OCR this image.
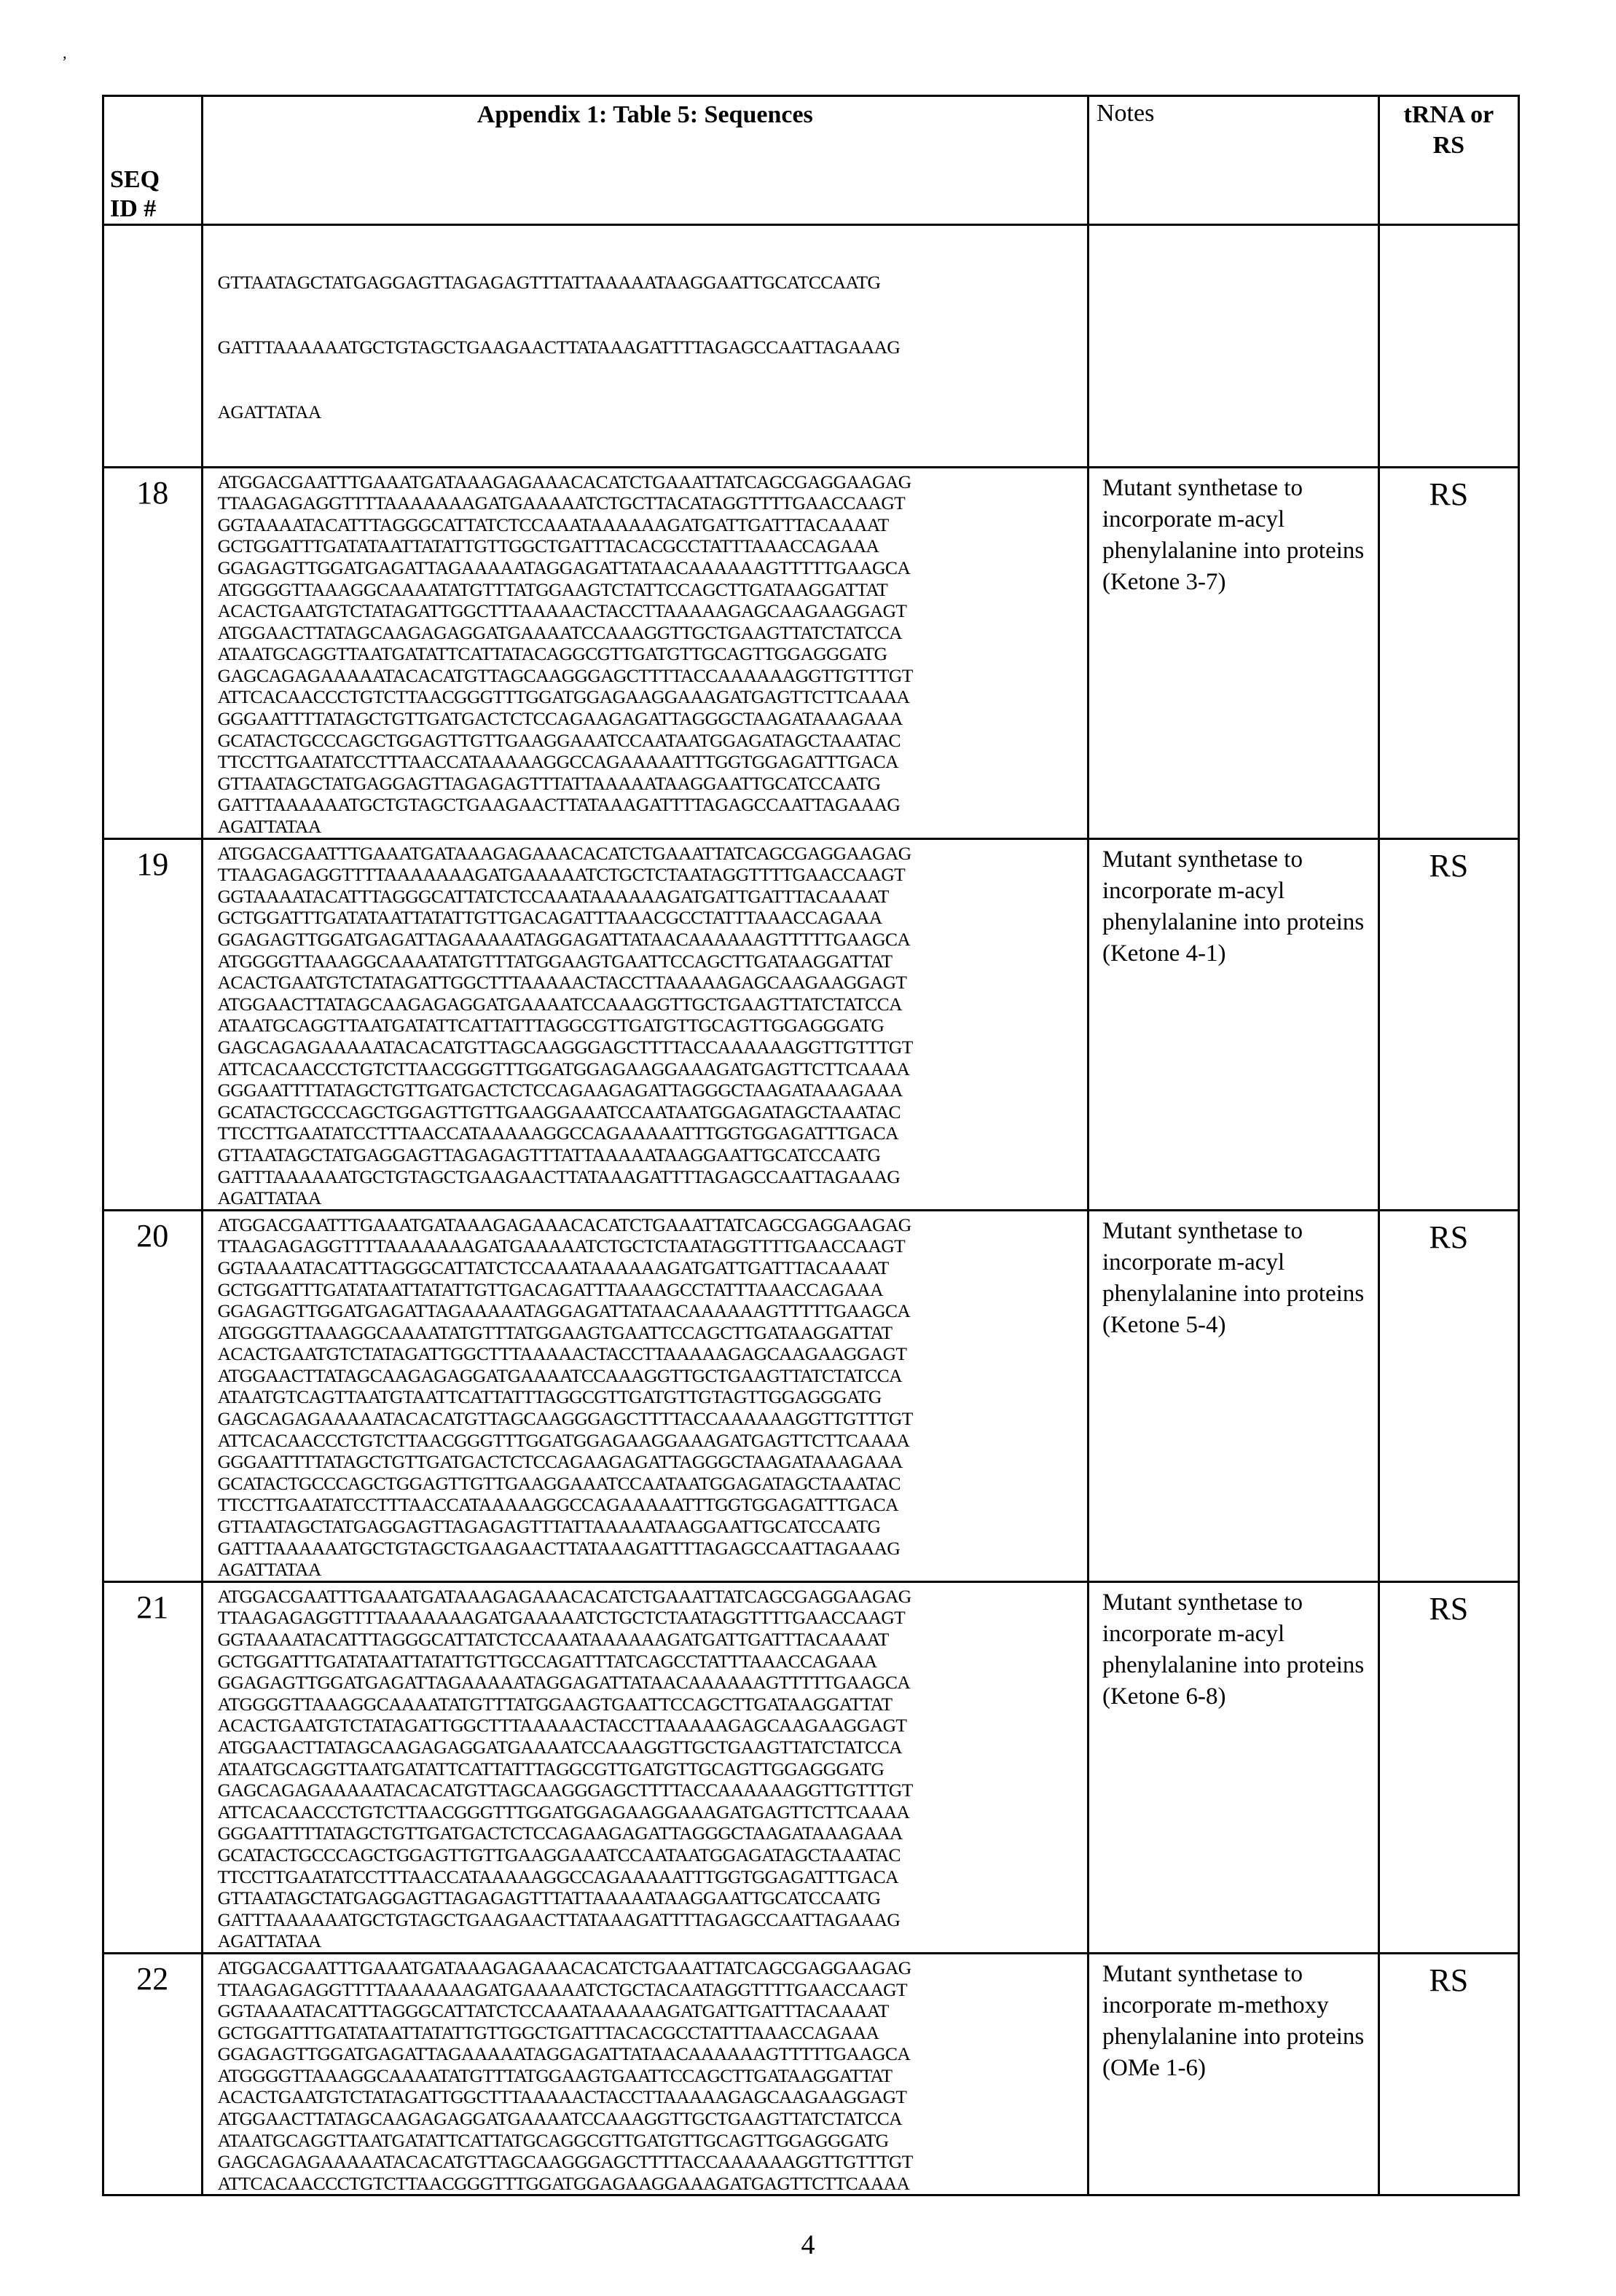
,
SEQ
ID #	Appendix 1: Table 5: Sequences	Notes	tRNA or
RS

	GTTAATAGCTATGAGGAGTTAGAGAGTTTATTAAAAATAAGGAATTGCATCCAATG

GATTTAAAAAATGCTGTAGCTGAAGAACTTATAAAGATTTTAGAGCCAATTAGAAAG

AGATTATAA		

18	ATGGACGAATTTGAAATGATAAAGAGAAACACATCTGAAATTATCAGCGAGGAAGAG
TTAAGAGAGGTTTTAAAAAAAGATGAAAAATCTGCTTACATAGGTTTTGAACCAAGT
GGTAAAATACATTTAGGGCATTATCTCCAAATAAAAAAGATGATTGATTTACAAAAT
GCTGGATTTGATATAATTATATTGTTGGCTGATTTACACGCCTATTTAAACCAGAAA
GGAGAGTTGGATGAGATTAGAAAAATAGGAGATTATAACAAAAAAGTTTTTGAAGCA
ATGGGGTTAAAGGCAAAATATGTTTATGGAAGTCTATTCCAGCTTGATAAGGATTAT
ACACTGAATGTCTATAGATTGGCTTTAAAAACTACCTTAAAAAGAGCAAGAAGGAGT
ATGGAACTTATAGCAAGAGAGGATGAAAATCCAAAGGTTGCTGAAGTTATCTATCCA
ATAATGCAGGTTAATGATATTCATTATACAGGCGTTGATGTTGCAGTTGGAGGGATG
GAGCAGAGAAAAATACACATGTTAGCAAGGGAGCTTTTACCAAAAAAGGTTGTTTGT
ATTCACAACCCTGTCTTAACGGGTTTGGATGGAGAAGGAAAGATGAGTTCTTCAAAA
GGGAATTTTATAGCTGTTGATGACTCTCCAGAAGAGATTAGGGCTAAGATAAAGAAA
GCATACTGCCCAGCTGGAGTTGTTGAAGGAAATCCAATAATGGAGATAGCTAAATAC
TTCCTTGAATATCCTTTAACCATAAAAAGGCCAGAAAAATTTGGTGGAGATTTGACA
GTTAATAGCTATGAGGAGTTAGAGAGTTTATTAAAAATAAGGAATTGCATCCAATG
GATTTAAAAAATGCTGTAGCTGAAGAACTTATAAAGATTTTAGAGCCAATTAGAAAG
AGATTATAA
	Mutant synthetase to incorporate m-acyl phenylalanine into proteins (Ketone 3-7)	RS
19	ATGGACGAATTTGAAATGATAAAGAGAAACACATCTGAAATTATCAGCGAGGAAGAG
TTAAGAGAGGTTTTAAAAAAAGATGAAAAATCTGCTCTAATAGGTTTTGAACCAAGT
GGTAAAATACATTTAGGGCATTATCTCCAAATAAAAAAGATGATTGATTTACAAAAT
GCTGGATTTGATATAATTATATTGTTGACAGATTTAAACGCCTATTTAAACCAGAAA
GGAGAGTTGGATGAGATTAGAAAAATAGGAGATTATAACAAAAAAGTTTTTGAAGCA
ATGGGGTTAAAGGCAAAATATGTTTATGGAAGTGAATTCCAGCTTGATAAGGATTAT
ACACTGAATGTCTATAGATTGGCTTTAAAAACTACCTTAAAAAGAGCAAGAAGGAGT
ATGGAACTTATAGCAAGAGAGGATGAAAATCCAAAGGTTGCTGAAGTTATCTATCCA
ATAATGCAGGTTAATGATATTCATTATTTAGGCGTTGATGTTGCAGTTGGAGGGATG
GAGCAGAGAAAAATACACATGTTAGCAAGGGAGCTTTTACCAAAAAAGGTTGTTTGT
ATTCACAACCCTGTCTTAACGGGTTTGGATGGAGAAGGAAAGATGAGTTCTTCAAAA
GGGAATTTTATAGCTGTTGATGACTCTCCAGAAGAGATTAGGGCTAAGATAAAGAAA
GCATACTGCCCAGCTGGAGTTGTTGAAGGAAATCCAATAATGGAGATAGCTAAATAC
TTCCTTGAATATCCTTTAACCATAAAAAGGCCAGAAAAATTTGGTGGAGATTTGACA
GTTAATAGCTATGAGGAGTTAGAGAGTTTATTAAAAATAAGGAATTGCATCCAATG
GATTTAAAAAATGCTGTAGCTGAAGAACTTATAAAGATTTTAGAGCCAATTAGAAAG
AGATTATAA
	Mutant synthetase to incorporate m-acyl phenylalanine into proteins (Ketone 4-1)	RS
20	ATGGACGAATTTGAAATGATAAAGAGAAACACATCTGAAATTATCAGCGAGGAAGAG
TTAAGAGAGGTTTTAAAAAAAGATGAAAAATCTGCTCTAATAGGTTTTGAACCAAGT
GGTAAAATACATTTAGGGCATTATCTCCAAATAAAAAAGATGATTGATTTACAAAAT
GCTGGATTTGATATAATTATATTGTTGACAGATTTAAAAGCCTATTTAAACCAGAAA
GGAGAGTTGGATGAGATTAGAAAAATAGGAGATTATAACAAAAAAGTTTTTGAAGCA
ATGGGGTTAAAGGCAAAATATGTTTATGGAAGTGAATTCCAGCTTGATAAGGATTAT
ACACTGAATGTCTATAGATTGGCTTTAAAAACTACCTTAAAAAGAGCAAGAAGGAGT
ATGGAACTTATAGCAAGAGAGGATGAAAATCCAAAGGTTGCTGAAGTTATCTATCCA
ATAATGTCAGTTAATGTAATTCATTATTTAGGCGTTGATGTTGTAGTTGGAGGGATG
GAGCAGAGAAAAATACACATGTTAGCAAGGGAGCTTTTACCAAAAAAGGTTGTTTGT
ATTCACAACCCTGTCTTAACGGGTTTGGATGGAGAAGGAAAGATGAGTTCTTCAAAA
GGGAATTTTATAGCTGTTGATGACTCTCCAGAAGAGATTAGGGCTAAGATAAAGAAA
GCATACTGCCCAGCTGGAGTTGTTGAAGGAAATCCAATAATGGAGATAGCTAAATAC
TTCCTTGAATATCCTTTAACCATAAAAAGGCCAGAAAAATTTGGTGGAGATTTGACA
GTTAATAGCTATGAGGAGTTAGAGAGTTTATTAAAAATAAGGAATTGCATCCAATG
GATTTAAAAAATGCTGTAGCTGAAGAACTTATAAAGATTTTAGAGCCAATTAGAAAG
AGATTATAA
	Mutant synthetase to incorporate m-acyl phenylalanine into proteins (Ketone 5-4)	RS
21	ATGGACGAATTTGAAATGATAAAGAGAAACACATCTGAAATTATCAGCGAGGAAGAG
TTAAGAGAGGTTTTAAAAAAAGATGAAAAATCTGCTCTAATAGGTTTTGAACCAAGT
GGTAAAATACATTTAGGGCATTATCTCCAAATAAAAAAGATGATTGATTTACAAAAT
GCTGGATTTGATATAATTATATTGTTGCCAGATTTATCAGCCTATTTAAACCAGAAA
GGAGAGTTGGATGAGATTAGAAAAATAGGAGATTATAACAAAAAAGTTTTTGAAGCA
ATGGGGTTAAAGGCAAAATATGTTTATGGAAGTGAATTCCAGCTTGATAAGGATTAT
ACACTGAATGTCTATAGATTGGCTTTAAAAACTACCTTAAAAAGAGCAAGAAGGAGT
ATGGAACTTATAGCAAGAGAGGATGAAAATCCAAAGGTTGCTGAAGTTATCTATCCA
ATAATGCAGGTTAATGATATTCATTATTTAGGCGTTGATGTTGCAGTTGGAGGGATG
GAGCAGAGAAAAATACACATGTTAGCAAGGGAGCTTTTACCAAAAAAGGTTGTTTGT
ATTCACAACCCTGTCTTAACGGGTTTGGATGGAGAAGGAAAGATGAGTTCTTCAAAA
GGGAATTTTATAGCTGTTGATGACTCTCCAGAAGAGATTAGGGCTAAGATAAAGAAA
GCATACTGCCCAGCTGGAGTTGTTGAAGGAAATCCAATAATGGAGATAGCTAAATAC
TTCCTTGAATATCCTTTAACCATAAAAAGGCCAGAAAAATTTGGTGGAGATTTGACA
GTTAATAGCTATGAGGAGTTAGAGAGTTTATTAAAAATAAGGAATTGCATCCAATG
GATTTAAAAAATGCTGTAGCTGAAGAACTTATAAAGATTTTAGAGCCAATTAGAAAG
AGATTATAA
	Mutant synthetase to incorporate m-acyl phenylalanine into proteins (Ketone 6-8)	RS
22	ATGGACGAATTTGAAATGATAAAGAGAAACACATCTGAAATTATCAGCGAGGAAGAG
TTAAGAGAGGTTTTAAAAAAAGATGAAAAATCTGCTACAATAGGTTTTGAACCAAGT
GGTAAAATACATTTAGGGCATTATCTCCAAATAAAAAAGATGATTGATTTACAAAAT
GCTGGATTTGATATAATTATATTGTTGGCTGATTTACACGCCTATTTAAACCAGAAA
GGAGAGTTGGATGAGATTAGAAAAATAGGAGATTATAACAAAAAAGTTTTTGAAGCA
ATGGGGTTAAAGGCAAAATATGTTTATGGAAGTGAATTCCAGCTTGATAAGGATTAT
ACACTGAATGTCTATAGATTGGCTTTAAAAACTACCTTAAAAAGAGCAAGAAGGAGT
ATGGAACTTATAGCAAGAGAGGATGAAAATCCAAAGGTTGCTGAAGTTATCTATCCA
ATAATGCAGGTTAATGATATTCATTATGCAGGCGTTGATGTTGCAGTTGGAGGGATG
GAGCAGAGAAAAATACACATGTTAGCAAGGGAGCTTTTACCAAAAAAGGTTGTTTGT
ATTCACAACCCTGTCTTAACGGGTTTGGATGGAGAAGGAAAGATGAGTTCTTCAAAA
	Mutant synthetase to incorporate m-methoxy phenylalanine into proteins (OMe 1-6)	RS
4
